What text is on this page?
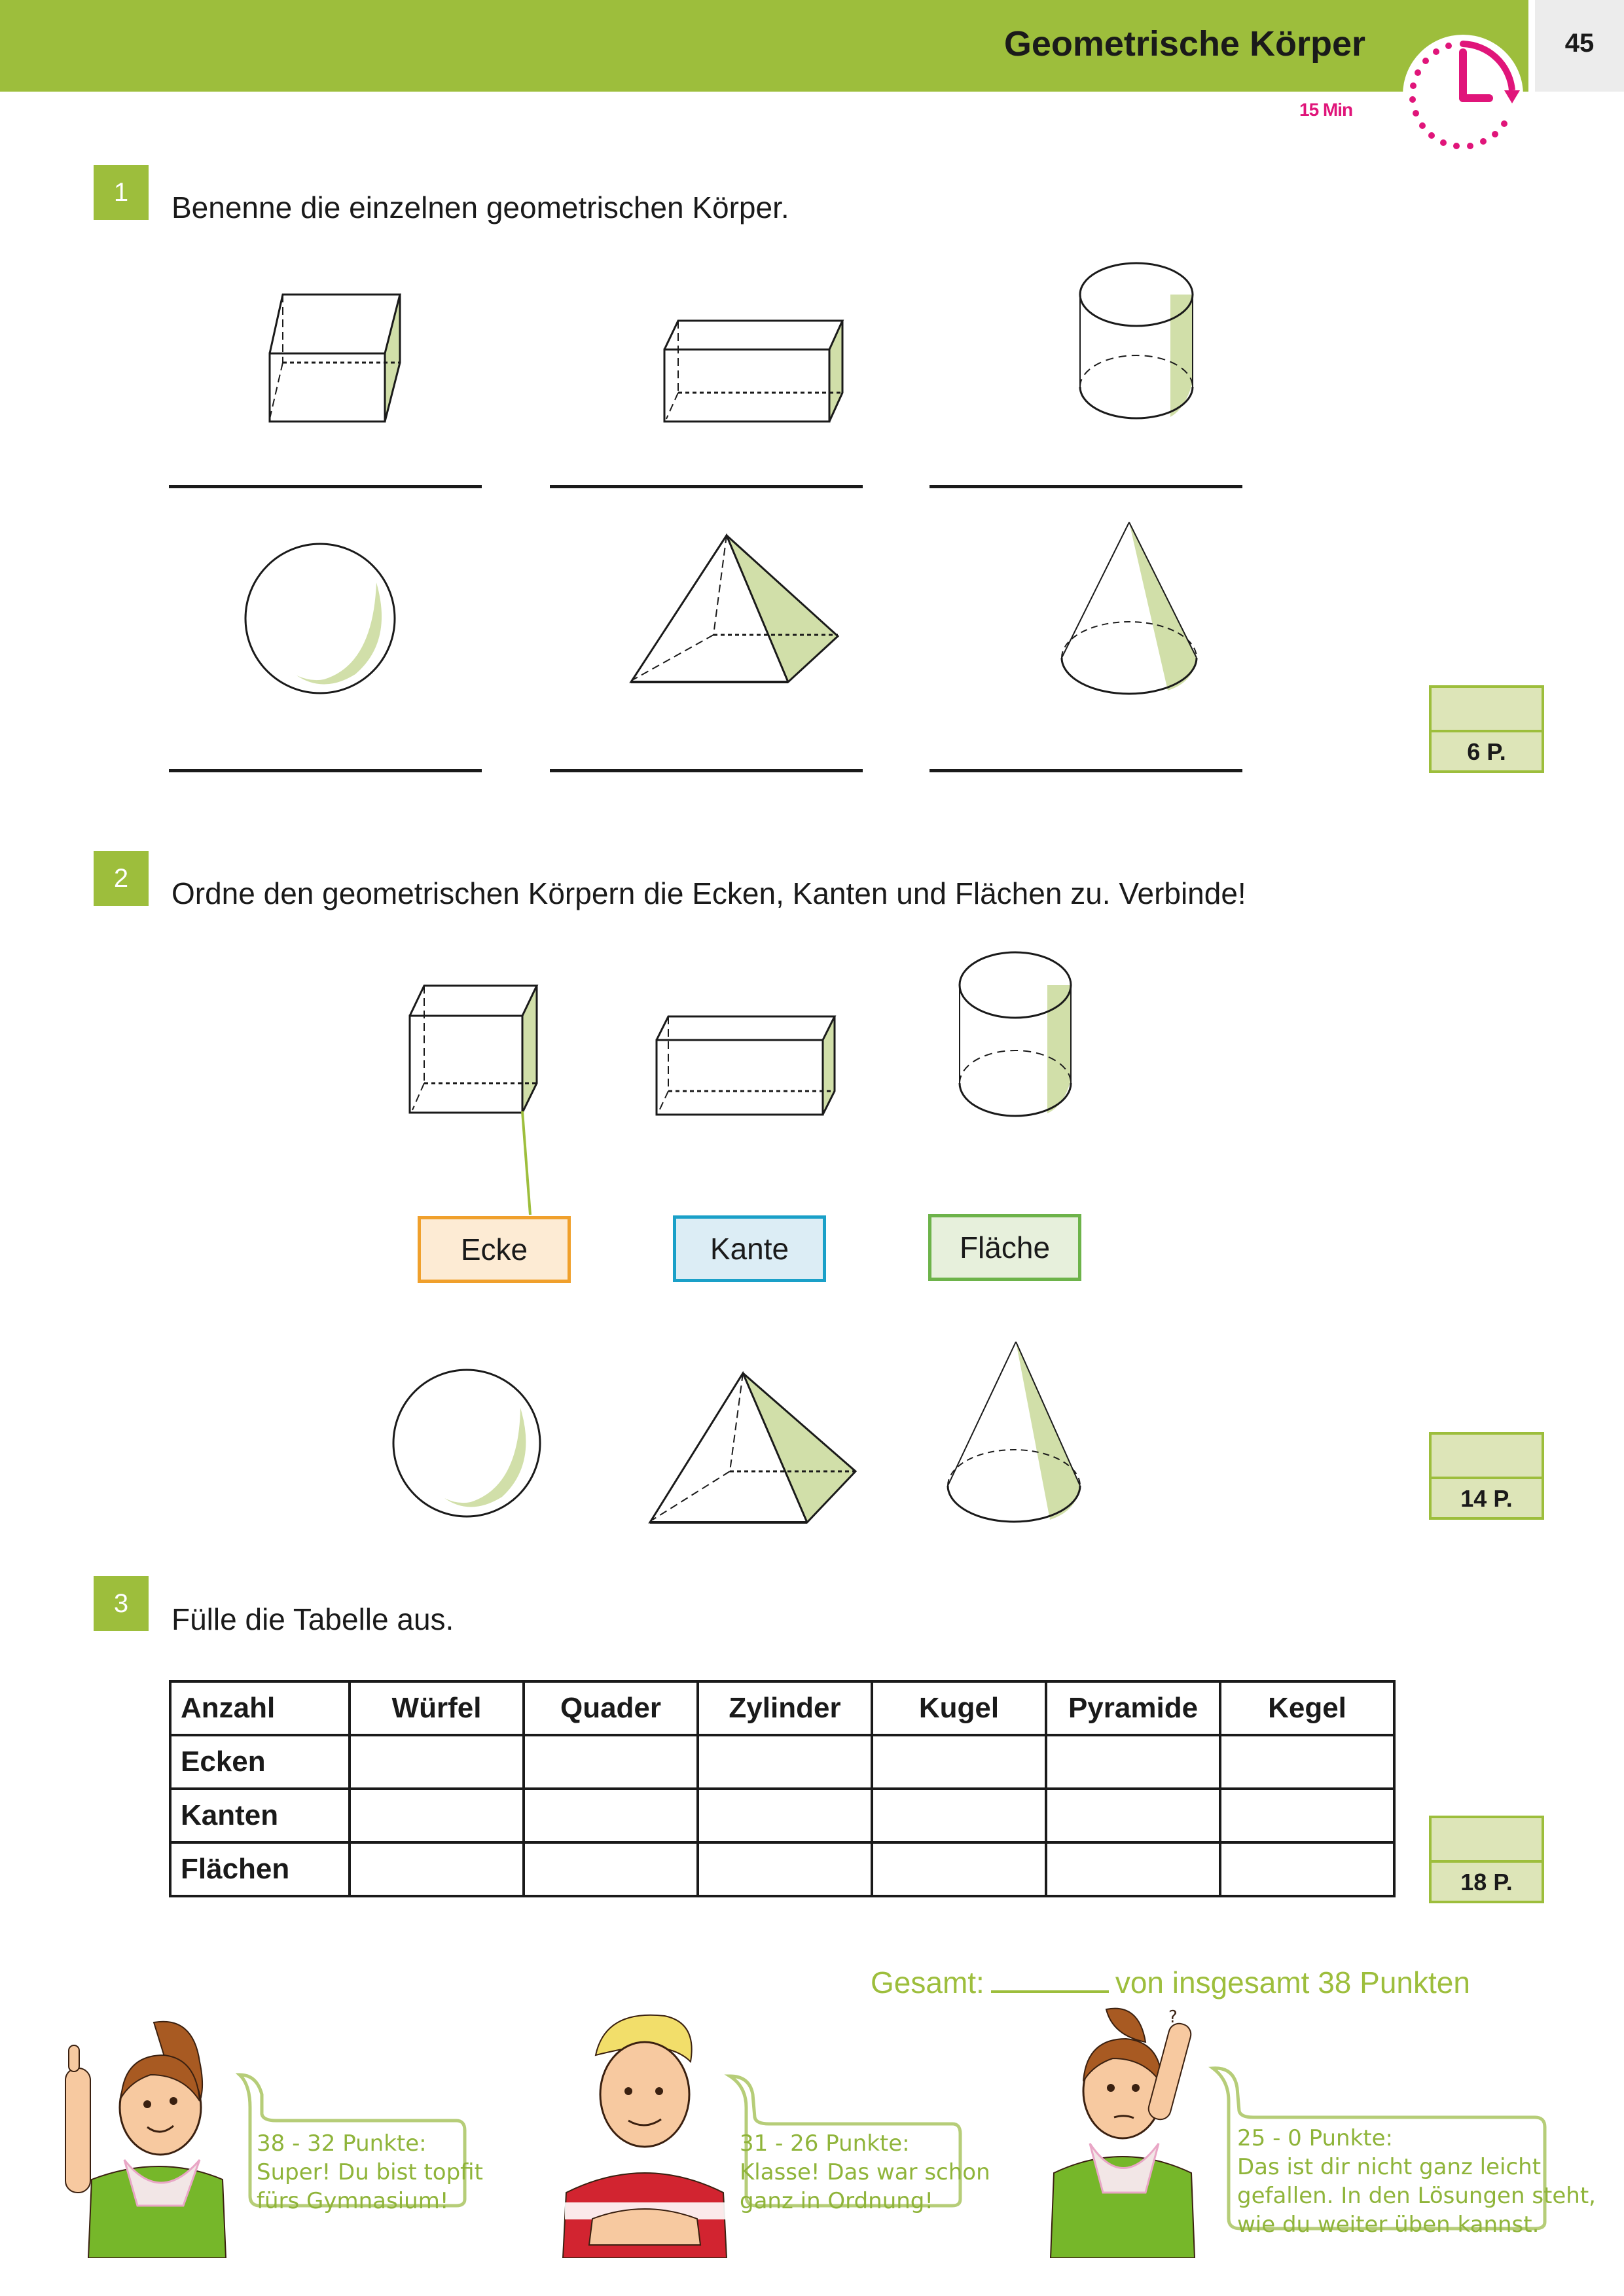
Geometrische Körper	45
15 Min
1	Benenne die einzelnen geometrischen Körper.
6 P.
2	Ordne den geometrischen Körpern die Ecken, Kanten und Flächen zu. Verbinde!
Ecke	Kante	Fläche
14 P.
3	Fülle die Tabelle aus.
Anzahl	Würfel	Quader	Zylinder	Kugel	Pyramide	Kegel
Ecken						
Kanten						
Flächen							18 P.
Gesamt:	von insgesamt 38 Punkten
38 - 32 Punkte:
Super! Du bist topfit
fürs Gymnasium!
31 - 26 Punkte:
Klasse! Das war schon
ganz in Ordnung!
?
25 - 0 Punkte:
Das ist dir nicht ganz leicht
gefallen. In den Lösungen steht,
wie du weiter üben kannst.
